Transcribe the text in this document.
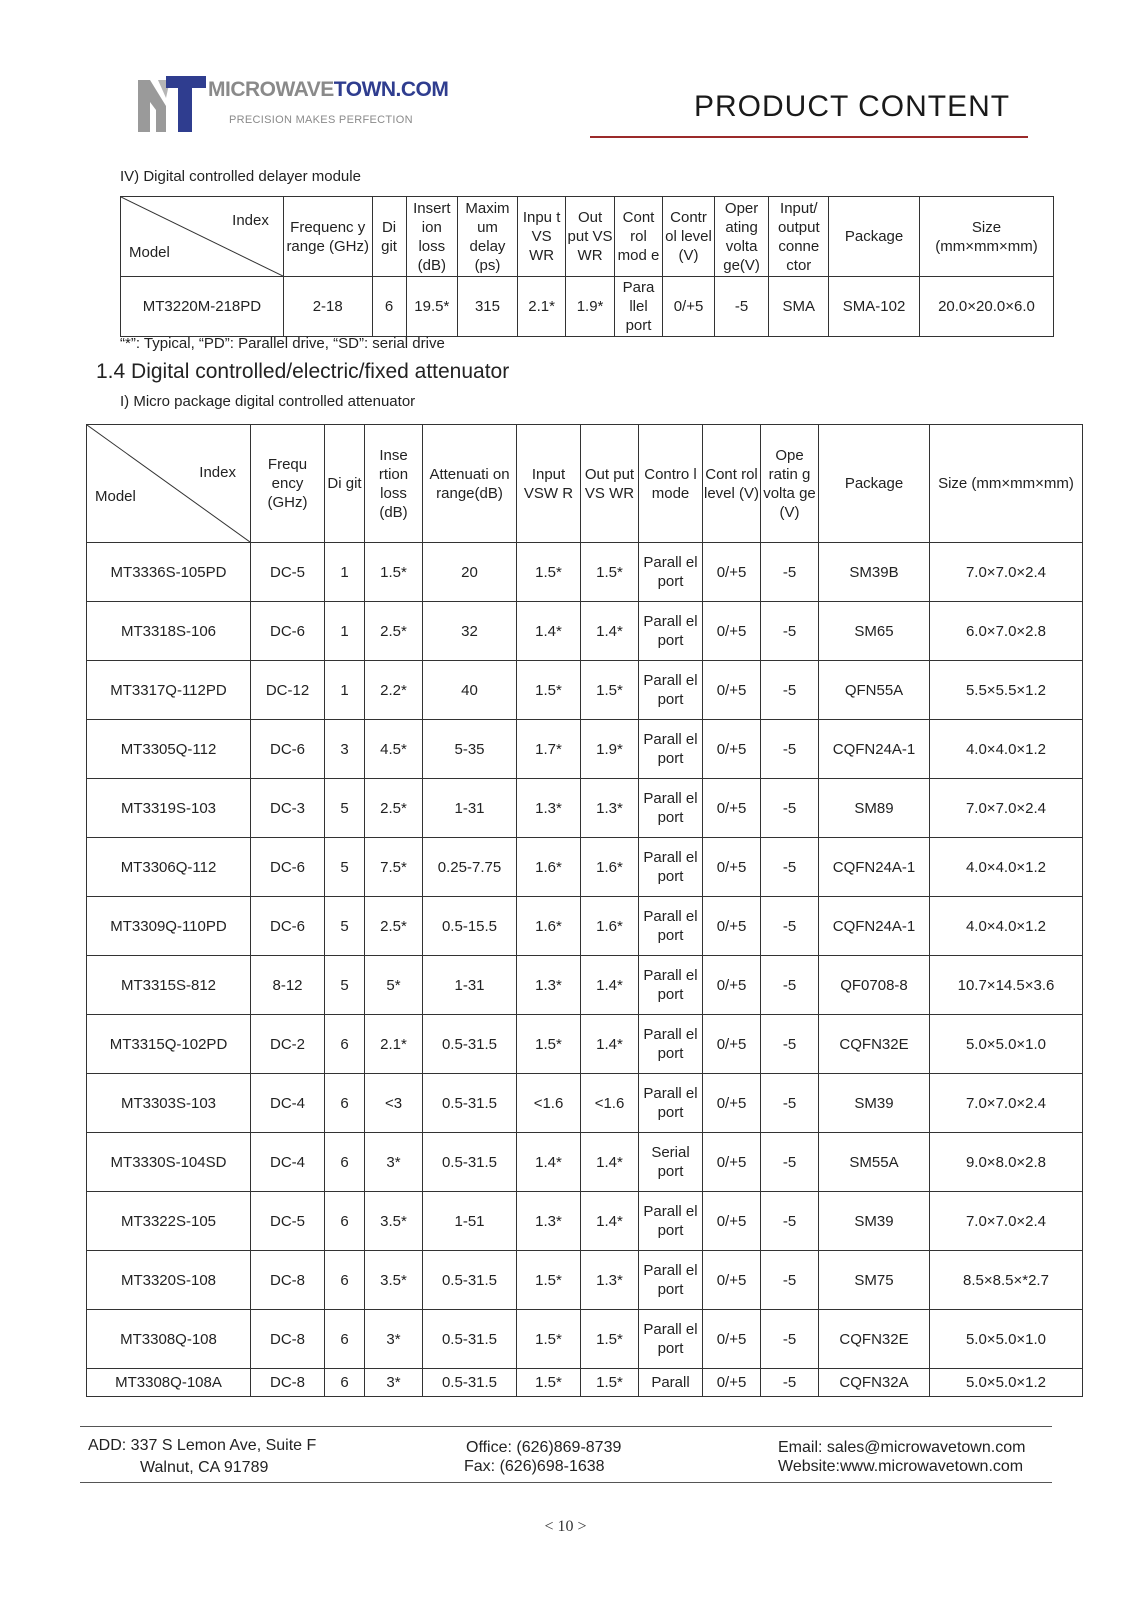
MICROWAVETOWN.COM
PRECISION MAKES PERFECTION	PRODUCT CONTENT
IV) Digital controlled delayer module
Index
Model	Frequenc y range (GHz)	Di git	Insert ion loss (dB)	Maxim um delay (ps)	Inpu t VS WR	Out put VS WR	Cont rol mod e	Contr ol level (V)	Oper ating volta ge(V)	Input/ output conne ctor	Package	Size (mm×mm×mm)
MT3220M-218PD	2-18	6	19.5*	315	2.1*	1.9*	Para llel port	0/+5	-5	SMA	SMA-102	20.0×20.0×6.0
“*”: Typical, “PD”: Parallel drive, “SD”: serial drive
1.4 Digital controlled/electric/fixed attenuator
I) Micro package digital controlled attenuator
Index
Model	Frequ ency (GHz)	Di git	Inse rtion loss (dB)	Attenuati on range(dB)	Input VSW R	Out put VS WR	Contro l mode	Cont rol level (V)	Ope ratin g volta ge (V)	Package	Size (mm×mm×mm)
MT3336S-105PD	DC-5	1	1.5*	20	1.5*	1.5*	Parall el port	0/+5	-5	SM39B	7.0×7.0×2.4
MT3318S-106	DC-6	1	2.5*	32	1.4*	1.4*	Parall el port	0/+5	-5	SM65	6.0×7.0×2.8
MT3317Q-112PD	DC-12	1	2.2*	40	1.5*	1.5*	Parall el port	0/+5	-5	QFN55A	5.5×5.5×1.2
MT3305Q-112	DC-6	3	4.5*	5-35	1.7*	1.9*	Parall el port	0/+5	-5	CQFN24A-1	4.0×4.0×1.2
MT3319S-103	DC-3	5	2.5*	1-31	1.3*	1.3*	Parall el port	0/+5	-5	SM89	7.0×7.0×2.4
MT3306Q-112	DC-6	5	7.5*	0.25-7.75	1.6*	1.6*	Parall el port	0/+5	-5	CQFN24A-1	4.0×4.0×1.2
MT3309Q-110PD	DC-6	5	2.5*	0.5-15.5	1.6*	1.6*	Parall el port	0/+5	-5	CQFN24A-1	4.0×4.0×1.2
MT3315S-812	8-12	5	5*	1-31	1.3*	1.4*	Parall el port	0/+5	-5	QF0708-8	10.7×14.5×3.6
MT3315Q-102PD	DC-2	6	2.1*	0.5-31.5	1.5*	1.4*	Parall el port	0/+5	-5	CQFN32E	5.0×5.0×1.0
MT3303S-103	DC-4	6	<3	0.5-31.5	<1.6	<1.6	Parall el port	0/+5	-5	SM39	7.0×7.0×2.4
MT3330S-104SD	DC-4	6	3*	0.5-31.5	1.4*	1.4*	Serial port	0/+5	-5	SM55A	9.0×8.0×2.8
MT3322S-105	DC-5	6	3.5*	1-51	1.3*	1.4*	Parall el port	0/+5	-5	SM39	7.0×7.0×2.4
MT3320S-108	DC-8	6	3.5*	0.5-31.5	1.5*	1.3*	Parall el port	0/+5	-5	SM75	8.5×8.5×*2.7
MT3308Q-108	DC-8	6	3*	0.5-31.5	1.5*	1.5*	Parall el port	0/+5	-5	CQFN32E	5.0×5.0×1.0
MT3308Q-108A	DC-8	6	3*	0.5-31.5	1.5*	1.5*	Parall	0/+5	-5	CQFN32A	5.0×5.0×1.2
ADD: 337 S Lemon Ave, Suite F
Walnut, CA 91789
Office: (626)869-8739
Fax: (626)698-1638
Email: sales@microwavetown.com
Website:www.microwavetown.com
< 10 >
